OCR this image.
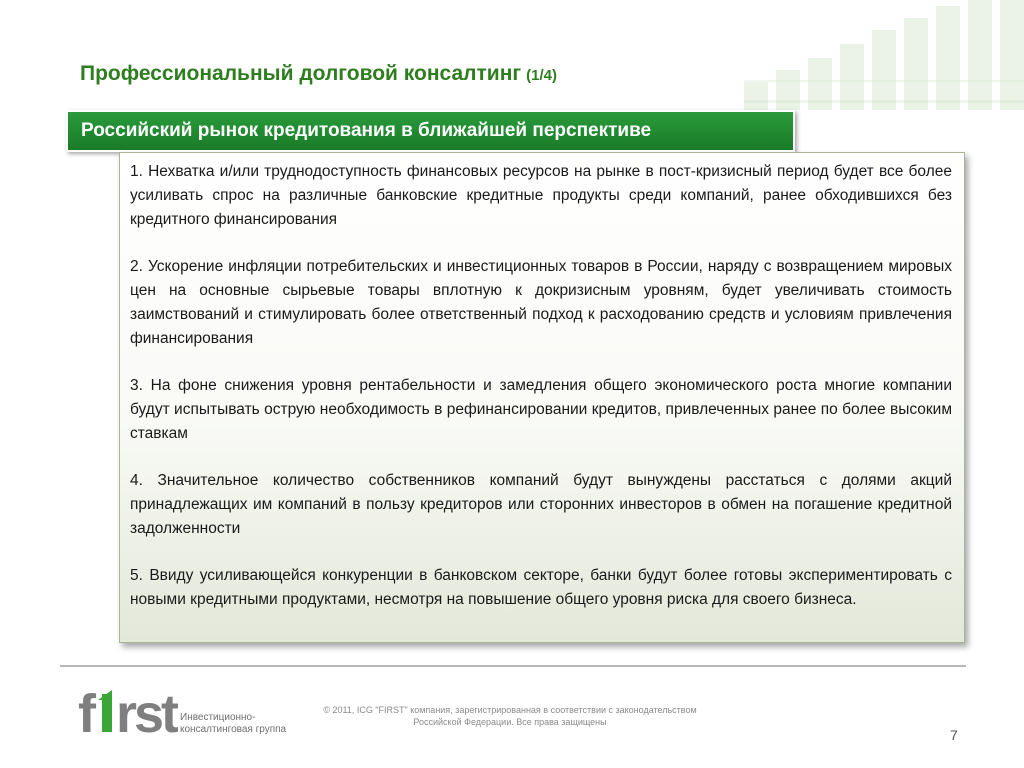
Профессиональный долговой консалтинг (1/4)
Российский рынок кредитования в ближайшей перспективе

1. Нехватка и/или труднодоступность финансовых ресурсов на рынке в пост-кризисный период будет все более усиливать спрос на различные банковские кредитные продукты среди компаний, ранее обходившихся без кредитного финансирования

2. Ускорение инфляции потребительских и инвестиционных товаров в России, наряду с возвращением мировых цен на основные сырьевые товары вплотную к докризисным уровням, будет увеличивать стоимость заимствований и стимулировать более ответственный подход к расходованию средств и условиям привлечения финансирования

3. На фоне снижения уровня рентабельности и замедления общего экономического роста многие компании будут испытывать острую необходимость в рефинансировании кредитов, привлеченных ранее по более высоким ставкам

4. Значительное количество собственников компаний будут вынуждены расстаться с долями акций принадлежащих им компаний в пользу кредиторов или сторонних инвесторов в обмен на погашение кредитной задолженности

5. Ввиду усиливающейся конкуренции в банковском секторе, банки будут более готовы экспериментировать с новыми кредитными продуктами, несмотря на повышение общего уровня риска для своего бизнеса.

f rst Инвестиционно-
консалтинговая группа
© 2011, ICG "FIRST" компания, зарегистрированная в соответствии с законодательством
Российской Федерации. Все права защищены
7
